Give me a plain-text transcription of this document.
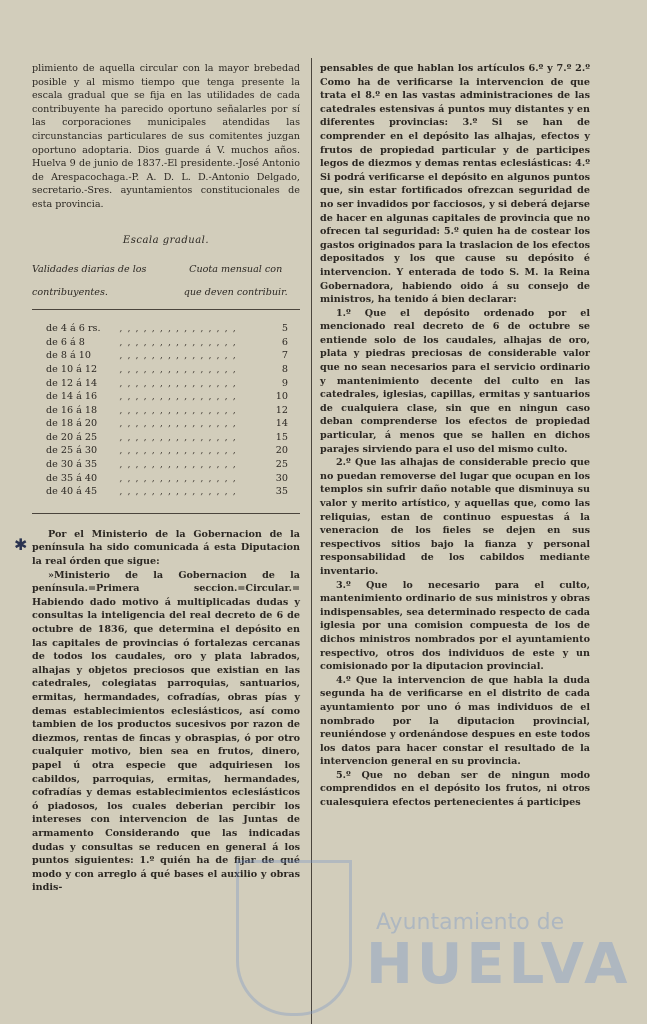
plimiento de aquella circular con la mayor brebedad posible y al mismo tiempo que tenga presente la escala gradual que se fija en las utilidades de cada contribuyente ha parecido oportuno señalarles por sí las corporaciones municipales atendidas las circunstancias particulares de sus comitentes juzgan oportuno adoptaria. Dios guarde á V. muchos años. Huelva 9 de junio de 1837.-El presidente.-José Antonio de Arespacochaga.-P. A. D. L. D.-Antonio Delgado, secretario.-Sres. ayuntamientos constitucionales de esta provincia.

Escala gradual.
Validades diarias de los	Cuota mensual con
contribuyentes.	que deven contribuir.
de 4 á 6 rs.	, , , , , , , , , , , , , , ,	5
de 6 á 8	, , , , , , , , , , , , , , ,	6
de 8 á 10	, , , , , , , , , , , , , , ,	7
de 10 á 12	, , , , , , , , , , , , , , ,	8
de 12 á 14	, , , , , , , , , , , , , , ,	9
de 14 á 16	, , , , , , , , , , , , , , ,	10
de 16 á 18	, , , , , , , , , , , , , , ,	12
de 18 á 20	, , , , , , , , , , , , , , ,	14
de 20 á 25	, , , , , , , , , , , , , , ,	15
de 25 á 30	, , , , , , , , , , , , , , ,	20
de 30 á 35	, , , , , , , , , , , , , , ,	25
de 35 á 40	, , , , , , , , , , , , , , ,	30
de 40 á 45	, , , , , , , , , , , , , , ,	35

Por el Ministerio de la Gobernacion de la península ha sido comunicada á esta Diputacion la real órden que sigue:

»Ministerio de la Gobernacion de la península.=Primera seccion.=Circular.= Habiendo dado motivo á multiplicadas dudas y consultas la inteligencia del real decreto de 6 de octubre de 1836, que determina el depósito en las capitales de provincias ó fortalezas cercanas de todos los caudales, oro y plata labrados, alhajas y objetos preciosos que existian en las catedrales, colegiatas parroquias, santuarios, ermitas, hermandades, cofradías, obras pías y demas establecimientos eclesiásticos, así como tambien de los productos sucesivos por razon de diezmos, rentas de fincas y obraspias, ó por otro cualquier motivo, bien sea en frutos, dinero, papel ú otra especie que adquiriesen los cabildos, parroquias, ermitas, hermandades, cofradías y demas establecimientos eclesiásticos ó piadosos, los cuales deberian percibir los intereses con intervencion de las Juntas de armamento Considerando que las indicadas dudas y consultas se reducen en general á los puntos siguientes: 1.º quién ha de fijar de qué modo y con arreglo á qué bases el auxilio y obras indis-

pensables de que hablan los artículos 6.º y 7.º 2.º Como ha de verificarse la intervencion de que trata el 8.º en las vastas administraciones de las catedrales estensivas á puntos muy distantes y en diferentes provincias: 3.º Si se han de comprender en el depósito las alhajas, efectos y frutos de propiedad particular y de participes legos de diezmos y demas rentas eclesiásticas: 4.º Si podrá verificarse el depósito en algunos puntos que, sin estar fortificados ofrezcan seguridad de no ser invadidos por facciosos, y si deberá dejarse de hacer en algunas capitales de provincia que no ofrecen tal seguridad: 5.º quien ha de costear los gastos originados para la traslacion de los efectos depositados y los que cause su depósito é intervencion. Y enterada de todo S. M. la Reina Gobernadora, habiendo oido á su consejo de ministros, ha tenido á bien declarar:

1.º Que el depósito ordenado por el mencionado real decreto de 6 de octubre se entiende solo de los caudales, alhajas de oro, plata y piedras preciosas de considerable valor que no sean necesarios para el servicio ordinario y mantenimiento decente del culto en las catedrales, iglesias, capillas, ermitas y santuarios de cualquiera clase, sin que en ningun caso deban comprenderse los efectos de propiedad particular, á menos que se hallen en dichos parajes sirviendo para el uso del mismo culto.

2.º Que las alhajas de considerable precio que no puedan removerse del lugar que ocupan en los templos sin sufrir daño notable que disminuya su valor y merito artístico, y aquellas que, como las reliquias, estan de continuo espuestas á la veneracion de los fieles se dejen en sus respectivos sitios bajo la fianza y personal responsabilidad de los cabildos mediante inventario.

3.º Que lo necesario para el culto, mantenimiento ordinario de sus ministros y obras indispensables, sea determinado respecto de cada iglesia por una comision compuesta de los de dichos ministros nombrados por el ayuntamiento respectivo, otros dos individuos de este y un comisionado por la diputacion provincial.

4.º Que la intervencion de que habla la duda segunda ha de verificarse en el distrito de cada ayuntamiento por uno ó mas individuos de el nombrado por la diputacion provincial, reuniéndose y ordenándose despues en este todos los datos para hacer constar el resultado de la intervencion general en su provincia.

5.º Que no deban ser de ningun modo comprendidos en el depósito los frutos, ni otros cualesquiera efectos pertenecientes á participes

✱
Ayuntamiento de
HUELVA
